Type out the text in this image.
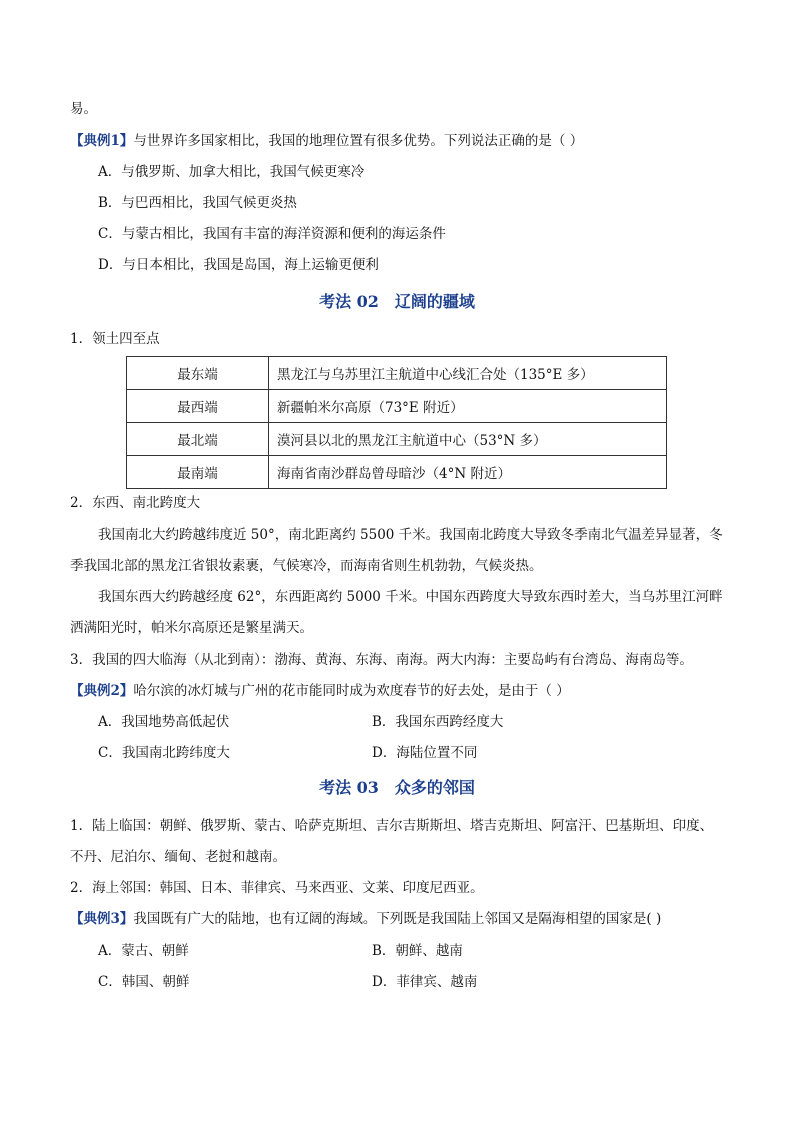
易。
【典例1】与世界许多国家相比，我国的地理位置有很多优势。下列说法正确的是（ ）
A．与俄罗斯、加拿大相比，我国气候更寒冷
B．与巴西相比，我国气候更炎热
C．与蒙古相比，我国有丰富的海洋资源和便利的海运条件
D．与日本相比，我国是岛国，海上运输更便利
考法 02 辽阔的疆域
1．领土四至点
最东端	黑龙江与乌苏里江主航道中心线汇合处（135°E 多）
最西端	新疆帕米尔高原（73°E 附近）
最北端	漠河县以北的黑龙江主航道中心（53°N 多）
最南端	海南省南沙群岛曾母暗沙（4°N 附近）
2．东西、南北跨度大
我国南北大约跨越纬度近 50°，南北距离约 5500 千米。我国南北跨度大导致冬季南北气温差异显著，冬季我国北部的黑龙江省银妆素裹，气候寒冷，而海南省则生机勃勃，气候炎热。
我国东西大约跨越经度 62°，东西距离约 5000 千米。中国东西跨度大导致东西时差大，当乌苏里江河畔洒满阳光时，帕米尔高原还是繁星满天。
3．我国的四大临海（从北到南）：渤海、黄海、东海、南海。两大内海：主要岛屿有台湾岛、海南岛等。
【典例2】哈尔滨的冰灯城与广州的花市能同时成为欢度春节的好去处，是由于（ ）
A．我国地势高低起伏	B．我国东西跨经度大
C．我国南北跨纬度大	D．海陆位置不同
考法 03 众多的邻国
1．陆上临国：朝鲜、俄罗斯、蒙古、哈萨克斯坦、吉尔吉斯斯坦、塔吉克斯坦、阿富汗、巴基斯坦、印度、
不丹、尼泊尔、缅甸、老挝和越南。
2．海上邻国：韩国、日本、菲律宾、马来西亚、文莱、印度尼西亚。
【典例3】我国既有广大的陆地，也有辽阔的海域。下列既是我国陆上邻国又是隔海相望的国家是( )
A．蒙古、朝鲜	B．朝鲜、越南
C．韩国、朝鲜	D．菲律宾、越南
